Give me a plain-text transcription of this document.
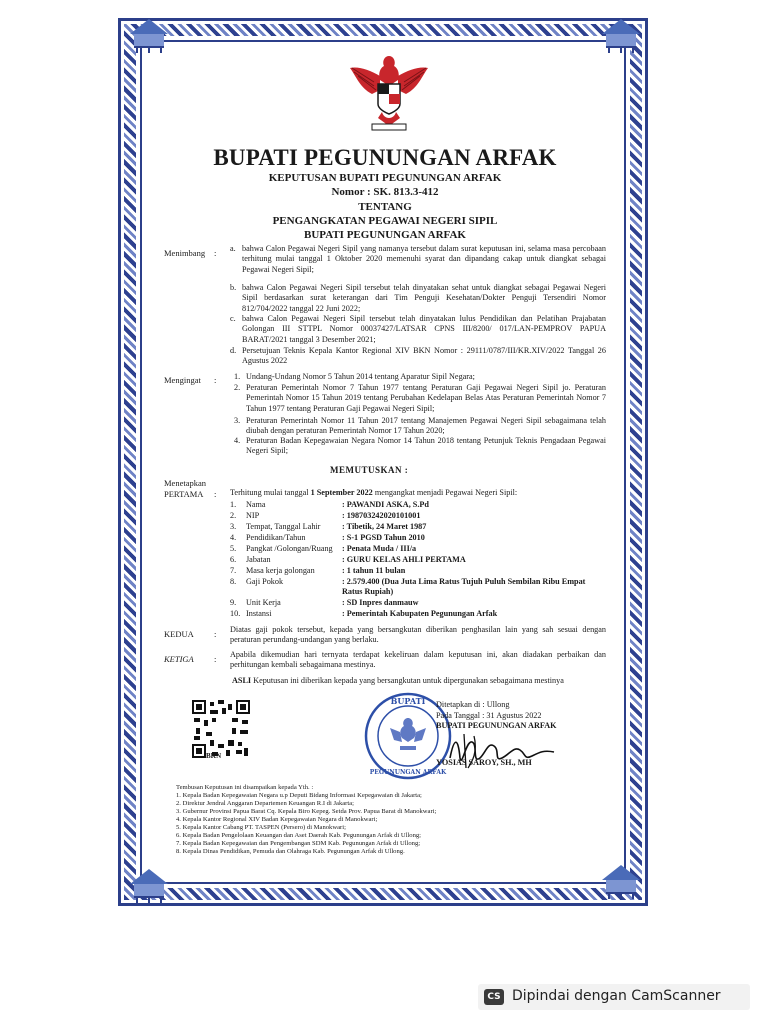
BUPATI PEGUNUNGAN ARFAK
KEPUTUSAN BUPATI PEGUNUNGAN ARFAK
Nomor : SK. 813.3-412
TENTANG
PENGANGKATAN PEGAWAI NEGERI SIPIL
BUPATI PEGUNUNGAN ARFAK
Menimbang : a. bahwa Calon Pegawai Negeri Sipil yang namanya tersebut dalam surat keputusan ini, selama masa percobaan terhitung mulai tanggal 1 Oktober 2020 memenuhi syarat dan dipandang cakap untuk diangkat sebagai Pegawai Negeri Sipil;
b. bahwa Calon Pegawai Negeri Sipil tersebut telah dinyatakan sehat untuk diangkat sebagai Pegawai Negeri Sipil berdasarkan surat keterangan dari Tim Penguji Kesehatan/Dokter Penguji Tersendiri Nomor 812/704/2022 tanggal 22 Juni 2022;
c. bahwa Calon Pegawai Negeri Sipil tersebut telah dinyatakan lulus Pendidikan dan Pelatihan Prajabatan Golongan III STTPL Nomor 00037427/LATSAR CPNS III/8200/ 017/LAN-PEMPROV PAPUA BARAT/2021 tanggal 3 Desember 2021;
d. Persetujuan Teknis Kepala Kantor Regional XIV BKN Nomor : 29111/0787/III/KR.XIV/2022 Tanggal 26 Agustus 2022
Mengingat : 1. Undang-Undang Nomor 5 Tahun 2014 tentang Aparatur Sipil Negara;
2. Peraturan Pemerintah Nomor 7 Tahun 1977 tentang Peraturan Gaji Pegawai Negeri Sipil jo. Peraturan Pemerintah Nomor 15 Tahun 2019 tentang Perubahan Kedelapan Belas Atas Peraturan Pemerintah Nomor 7 Tahun 1977 tentang Peraturan Gaji Pegawai Negeri Sipil;
3. Peraturan Pemerintah Nomor 11 Tahun 2017 tentang Manajemen Pegawai Negeri Sipil sebagaimana telah diubah dengan peraturan Pemerintah Nomor 17 Tahun 2020;
4. Peraturan Badan Kepegawaian Negara Nomor 14 Tahun 2018 tentang Petunjuk Teknis Pengadaan Pegawai Negeri Sipil;
MEMUTUSKAN :
Menetapkan
PERTAMA : Terhitung mulai tanggal 1 September 2022 mengangkat menjadi Pegawai Negeri Sipil:
1. Nama	: PAWANDI ASKA, S.Pd
2. NIP	: 198703242020101001
3. Tempat, Tanggal Lahir	: Tibetik, 24 Maret 1987
4. Pendidikan/Tahun	: S-1 PGSD Tahun 2010
5. Pangkat /Golongan/Ruang : Penata Muda / III/a
6. Jabatan	: GURU KELAS AHLI PERTAMA
7. Masa kerja golongan	: 1 tahun 11 bulan
8. Gaji Pokok	: 2.579.400 (Dua Juta Lima Ratus Tujuh Puluh Sembilan Ribu Empat Ratus Rupiah)
9. Unit Kerja	: SD Inpres danmauw
10. Instansi	: Pemerintah Kabupaten Pegunungan Arfak
KEDUA : Diatas gaji pokok tersebut, kepada yang bersangkutan diberikan penghasilan lain yang sah sesuai dengan peraturan perundang-undangan yang berlaku.
KETIGA : Apabila dikemudian hari ternyata terdapat kekeliruan dalam keputusan ini, akan diadakan perbaikan dan perhitungan kembali sebagaimana mestinya.
ASLI Keputusan ini diberikan kepada yang bersangkutan untuk dipergunakan sebagaimana mestinya
BKN
BUPATI
PEGUNUNGAN ARFAK
Ditetapkan di : Ullong
Pada Tanggal : 31 Agustus 2022
BUPATI PEGUNUNGAN ARFAK
YOSIAS SAROY, SH., MH
Tembusan Keputusan ini disampaikan kepada Yth. :
1. Kepala Badan Kepegawaian Negara u.p Deputi Bidang Informasi Kepegawaian di Jakarta;
2. Direktur Jendral Anggaran Departemen Keuangan R.I di Jakarta;
3. Gubernur Provinsi Papua Barat Cq. Kepala Biro Kepeg. Setda Prov. Papua Barat di Manokwari;
4. Kepala Kantor Regional XIV Badan Kepegawaian Negara di Manokwari;
5. Kepala Kantor Cabang PT. TASPEN (Persero) di Manokwari;
6. Kepala Badan Pengelolaan Keuangan dan Aset Daerah Kab. Pegunungan Arfak di Ullong;
7. Kepala Badan Kepegawaian dan Pengembangan SDM Kab. Pegunungan Arfak di Ullong;
8. Kepala Dinas Pendidikan, Pemuda dan Olahraga Kab. Pegunungan Arfak di Ullong.
CS Dipindai dengan CamScanner
